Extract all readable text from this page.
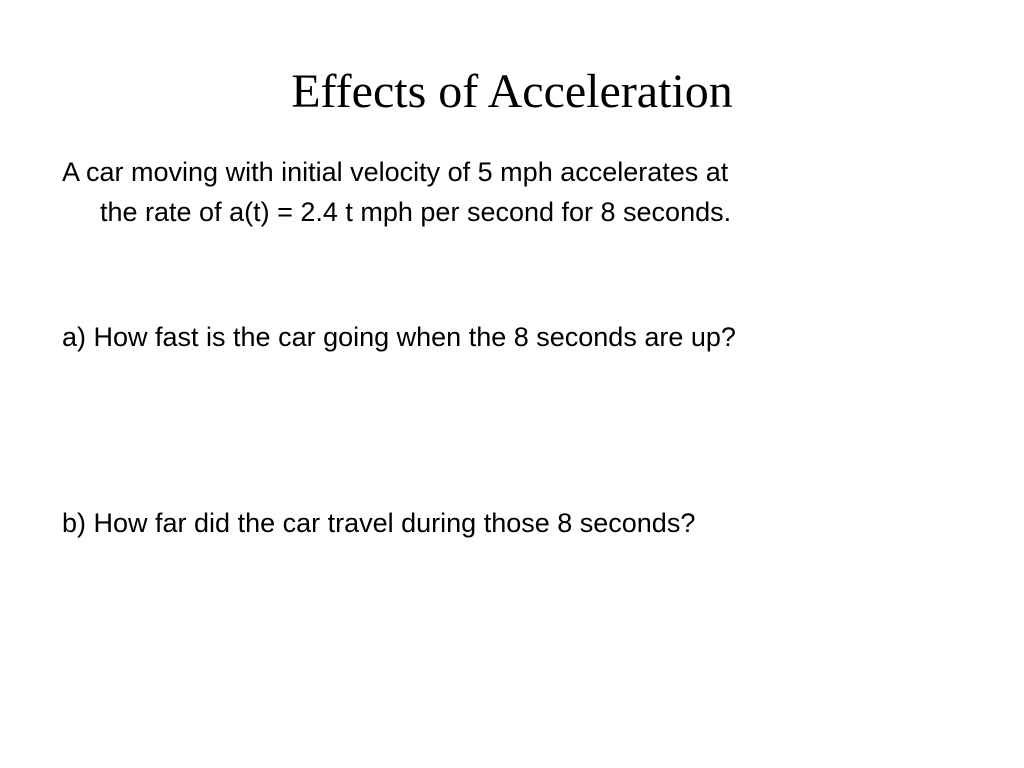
Effects of Acceleration
A car moving with initial velocity of 5 mph accelerates at
the rate of a(t) = 2.4 t mph per second for 8 seconds.
a) How fast is the car going when the 8 seconds are up?
b) How far did the car travel during those 8 seconds?
